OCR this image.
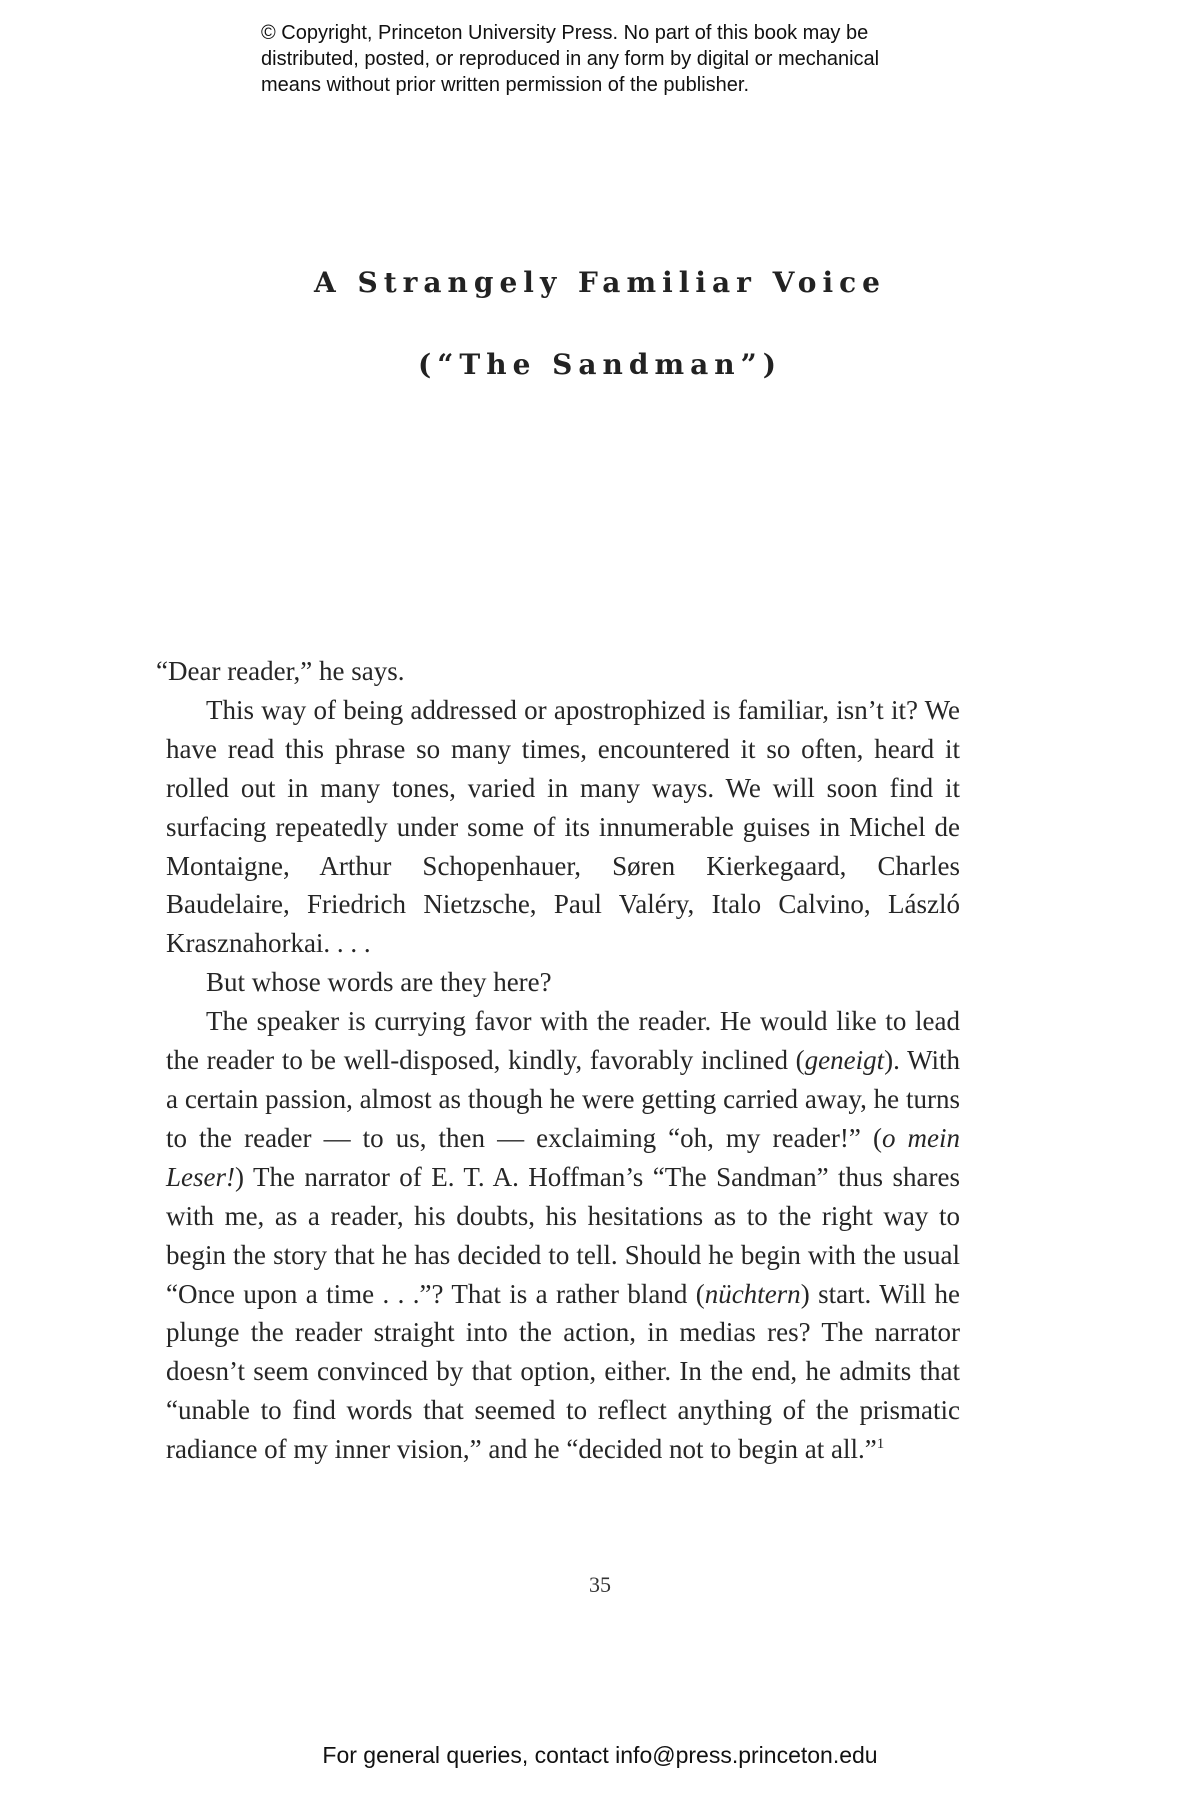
© Copyright, Princeton University Press. No part of this book may be
distributed, posted, or reproduced in any form by digital or mechanical
means without prior written permission of the publisher.
A Strangely Familiar Voice
(“The Sandman”)

“Dear reader,” he says.

This way of being addressed or apostrophized is familiar, isn’t it? We have read this phrase so many times, encountered it so often, heard it rolled out in many tones, varied in many ways. We will soon find it surfacing repeatedly under some of its innumerable guises in Michel de Montaigne, Arthur Schopenhauer, Søren Kierkegaard, Charles Baudelaire, Friedrich Nietzsche, Paul Valéry, Italo Calvino, László Krasznahorkai. . . .

But whose words are they here?

The speaker is currying favor with the reader. He would like to lead the reader to be well-disposed, kindly, favorably inclined (geneigt). With a certain passion, almost as though he were getting carried away, he turns to the reader — to us, then — exclaiming “oh, my reader!” (o mein Leser!) The narrator of E. T. A. Hoffman’s “The Sandman” thus shares with me, as a reader, his doubts, his hesitations as to the right way to begin the story that he has decided to tell. Should he begin with the usual “Once upon a time . . .”? That is a rather bland (nüchtern) start. Will he plunge the reader straight into the action, in medias res? The narrator doesn’t seem convinced by that option, either. In the end, he admits that “unable to find words that seemed to reflect anything of the prismatic radiance of my inner vision,” and he “decided not to begin at all.”$^1$

35
For general queries, contact info@press.princeton.edu
